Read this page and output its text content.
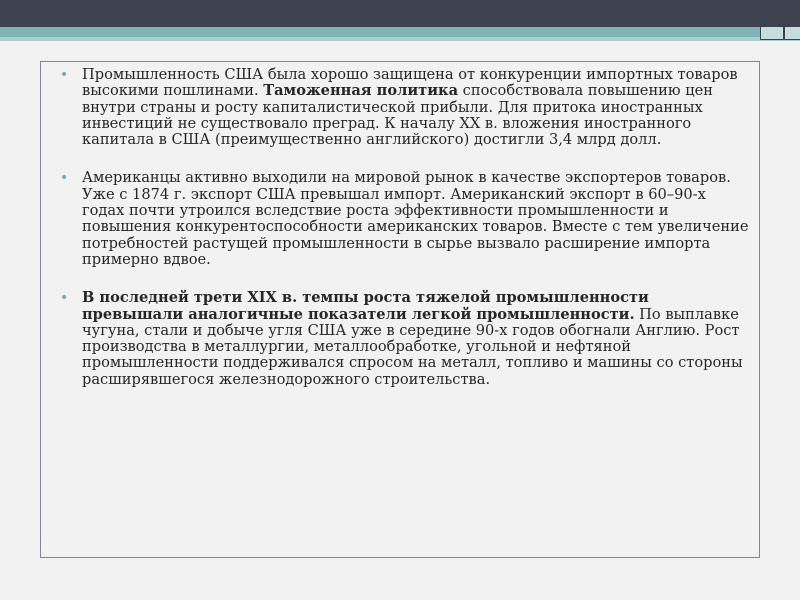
• Промышленность США была хорошо защищена от конкуренции импортных товаров высокими пошлинами. Таможенная политика способствовала повышению цен внутри страны и росту капиталистической прибыли. Для притока иностранных инвестиций не существовало преград. К началу XX в. вложения иностранного капитала в США (преимущественно английского) достигли 3,4 млрд долл.
• Американцы активно выходили на мировой рынок в качестве экспортеров товаров. Уже с 1874 г. экспорт США превышал импорт. Американский экспорт в 60–90-х годах почти утроился вследствие роста эффективности промышленности и повышения конкурентоспособности американских товаров. Вместе с тем увеличение потребностей растущей промышленности в сырье вызвало расширение импорта примерно вдвое.
• В последней трети XIX в. темпы роста тяжелой промышленности превышали аналогичные показатели легкой промышленности. По выплавке чугуна, стали и добыче угля США уже в середине 90-х годов обогнали Англию. Рост производства в металлургии, металлообработке, угольной и нефтяной промышленности поддерживался спросом на металл, топливо и машины со стороны расширявшегося железнодорожного строительства.
